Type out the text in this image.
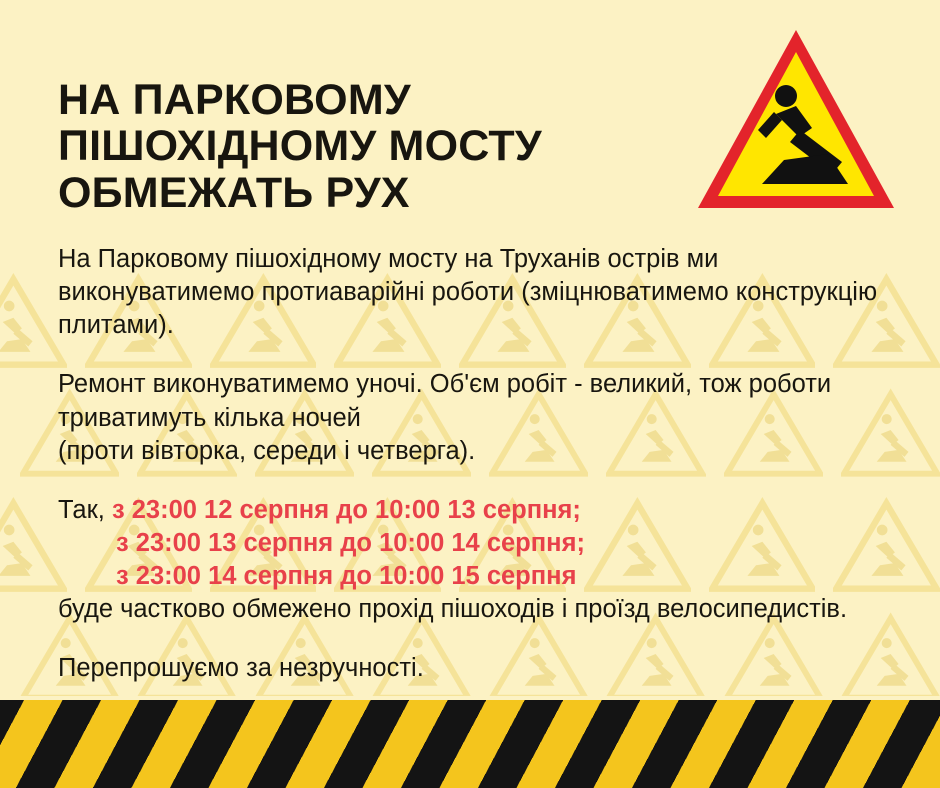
НА ПАРКОВОМУ ПІШОХІДНОМУ МОСТУ ОБМЕЖАТЬ РУХ

На Парковому пішохідному мосту на Труханів острів ми виконуватимемо протиаварійні роботи (зміцнюватимемо конструкцію плитами).

Ремонт виконуватимемо уночі. Об'єм робіт - великий, тож роботи триватимуть кілька ночей
(проти вівторка, середи і четверга).

Так, з 23:00 12 серпня до 10:00 13 серпня;
з 23:00 13 серпня до 10:00 14 серпня;
з 23:00 14 серпня до 10:00 15 серпня
буде частково обмежено прохід пішоходів і проїзд велосипедистів.

Перепрошуємо за незручності.
